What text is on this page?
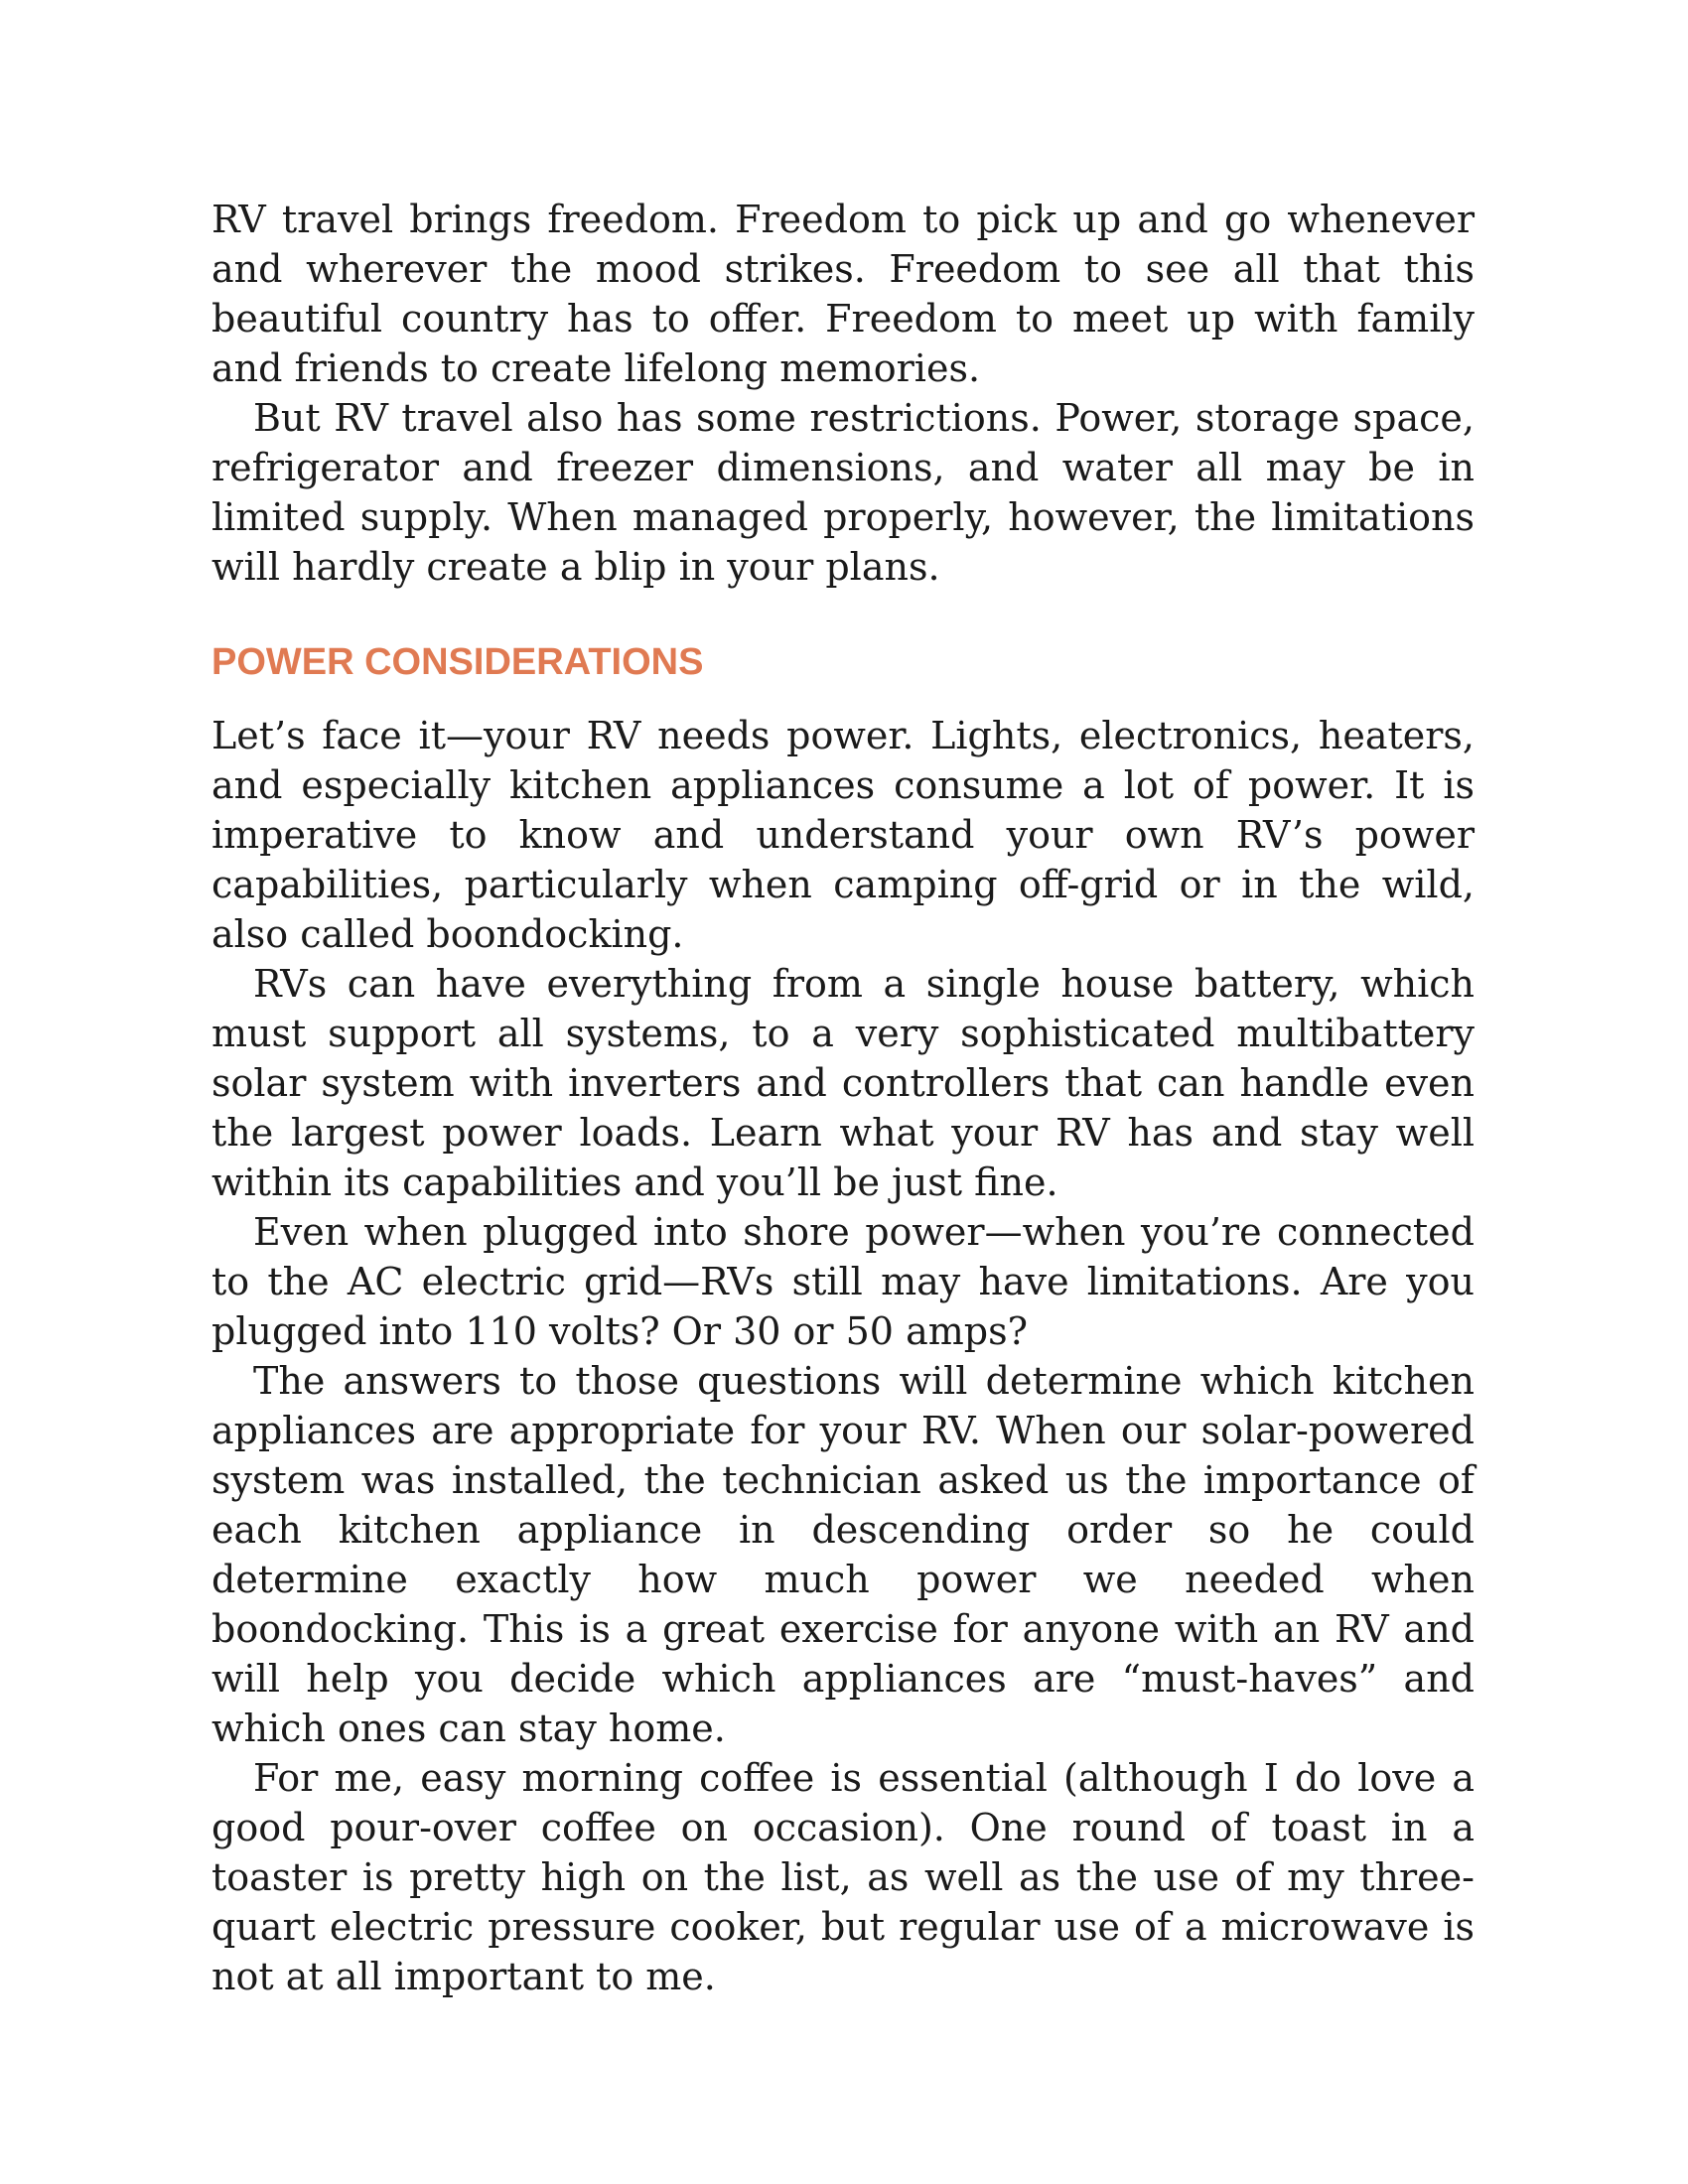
RV travel brings freedom. Freedom to pick up and go whenever and wherever the mood strikes. Freedom to see all that this beautiful country has to offer. Freedom to meet up with family and friends to create lifelong memories.

But RV travel also has some restrictions. Power, storage space, refrigerator and freezer dimensions, and water all may be in limited supply. When managed properly, however, the limitations will hardly create a blip in your plans.

POWER CONSIDERATIONS

Let’s face it—your RV needs power. Lights, electronics, heaters, and especially kitchen appliances consume a lot of power. It is imperative to know and understand your own RV’s power capabilities, particularly when camping off-grid or in the wild, also called boondocking.

RVs can have everything from a single house battery, which must support all systems, to a very sophisticated multibattery solar system with inverters and controllers that can handle even the largest power loads. Learn what your RV has and stay well within its capabilities and you’ll be just fine.

Even when plugged into shore power—when you’re connected to the AC electric grid—RVs still may have limitations. Are you plugged into 110 volts? Or 30 or 50 amps?

The answers to those questions will determine which kitchen appliances are appropriate for your RV. When our solar-powered system was installed, the technician asked us the importance of each kitchen appliance in descending order so he could determine exactly how much power we needed when boondocking. This is a great exercise for anyone with an RV and will help you decide which appliances are “must-haves” and which ones can stay home.

For me, easy morning coffee is essential (although I do love a good pour-over coffee on occasion). One round of toast in a toaster is pretty high on the list, as well as the use of my three-quart electric pressure cooker, but regular use of a microwave is not at all important to me.
